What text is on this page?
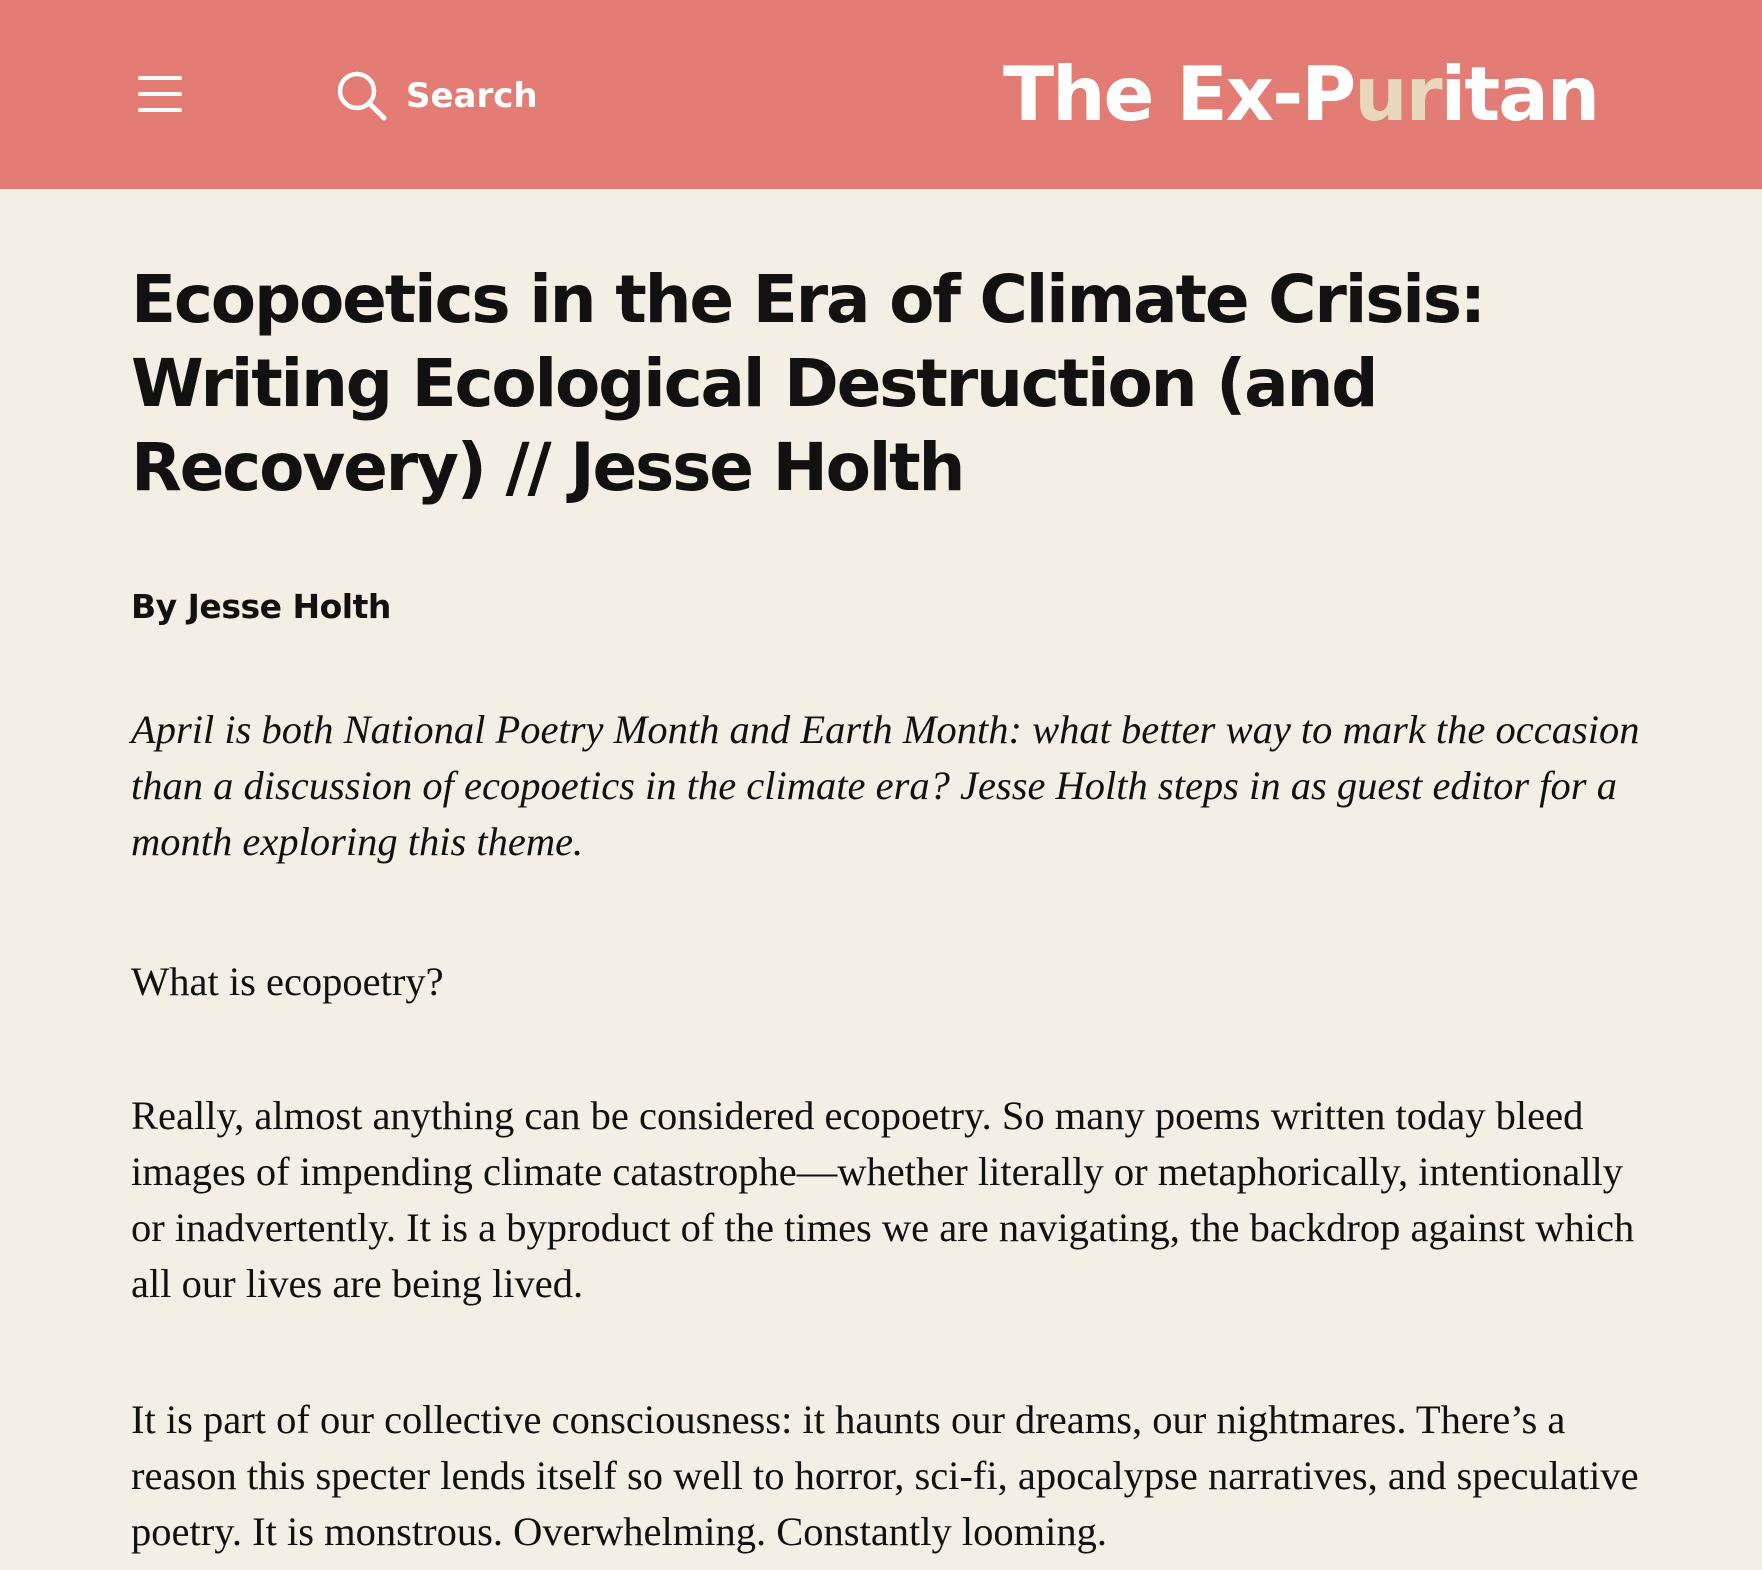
Search	The Ex-P ur itan
Ecopoetics in the Era of Climate Crisis: Writing Ecological Destruction (and Recovery) // Jesse Holth
By Jesse Holth

April is both National Poetry Month and Earth Month: what better way to mark the occasion than a discussion of ecopoetics in the climate era? Jesse Holth steps in as guest editor for a month exploring this theme.

What is ecopoetry?

Really, almost anything can be considered ecopoetry. So many poems written today bleed images of impending climate catastrophe—whether literally or metaphorically, intentionally or inadvertently. It is a byproduct of the times we are navigating, the backdrop against which all our lives are being lived.

It is part of our collective consciousness: it haunts our dreams, our nightmares. There’s a reason this specter lends itself so well to horror, sci-fi, apocalypse narratives, and speculative poetry. It is monstrous. Overwhelming. Constantly looming.
